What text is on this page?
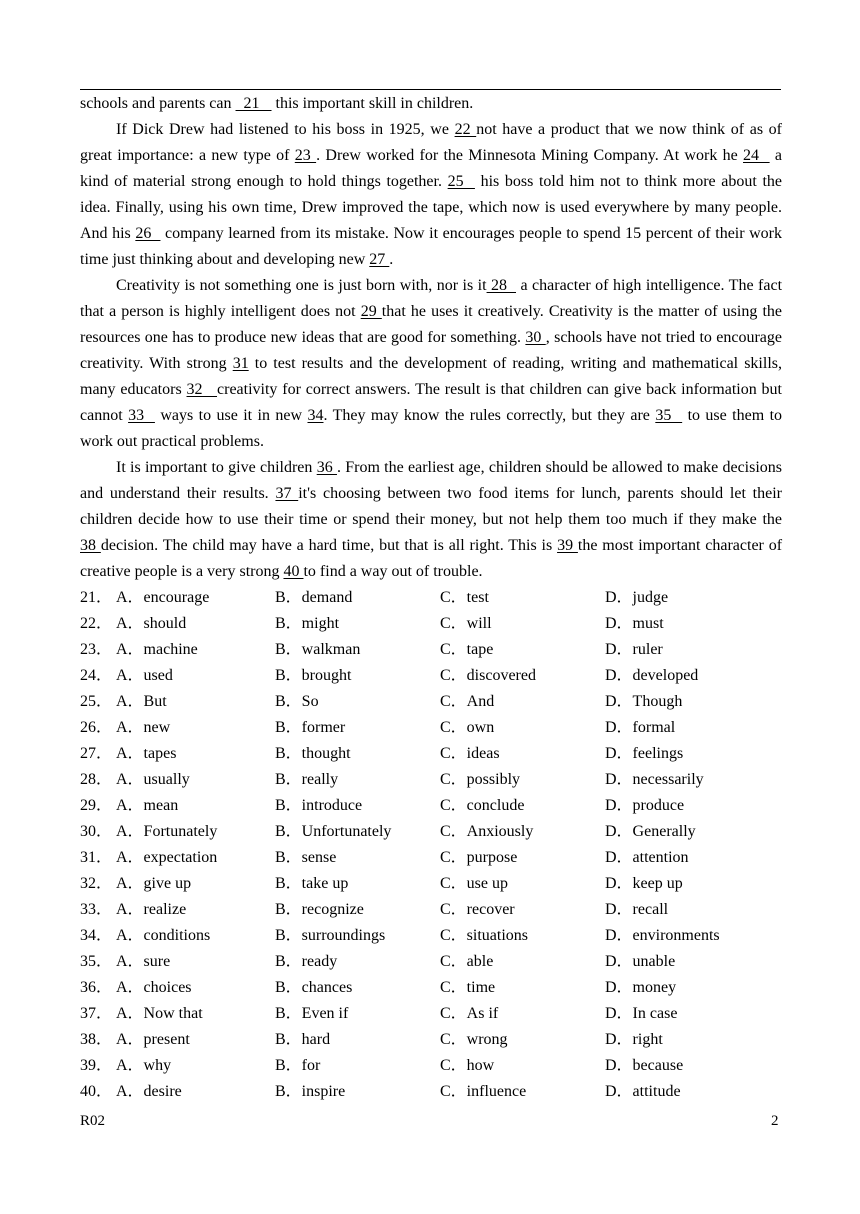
schools and parents can   21    this important skill in children.

If Dick Drew had listened to his boss in 1925, we 22 not have a product that we now think of as of great importance: a new type of 23 . Drew worked for the Minnesota Mining Company. At work he 24   a kind of material strong enough to hold things together. 25   his boss told him not to think more about the idea. Finally, using his own time, Drew improved the tape, which now is used everywhere by many people. And his 26   company learned from its mistake. Now it encourages people to spend 15 percent of their work time just thinking about and developing new 27 .

Creativity is not something one is just born with, nor is it 28   a character of high intelligence. The fact that a person is highly intelligent does not 29 that he uses it creatively. Creativity is the matter of using the resources one has to produce new ideas that are good for something. 30 , schools have not tried to encourage creativity. With strong 31 to test results and the development of reading, writing and mathematical skills, many educators 32   creativity for correct answers. The result is that children can give back information but cannot 33   ways to use it in new 34. They may know the rules correctly, but they are 35   to use them to work out practical problems.

It is important to give children 36 . From the earliest age, children should be allowed to make decisions and understand their results. 37 it's choosing between two food items for lunch, parents should let their children decide how to use their time or spend their money, but not help them too much if they make the 38 decision. The child may have a hard time, but that is all right. This is 39 the most important character of creative people is a very strong 40 to find a way out of trouble.

21． A．encourage	B．demand	C．test	D．judge
22． A．should	B．might	C．will	D．must
23． A．machine	B．walkman	C．tape	D．ruler
24． A．used	B．brought	C．discovered	D．developed
25． A．But	B．So	C．And	D．Though
26． A．new	B．former	C．own	D．formal
27． A．tapes	B．thought	C．ideas	D．feelings
28． A．usually	B．really	C．possibly	D．necessarily
29． A．mean	B．introduce	C．conclude	D．produce
30． A．Fortunately	B．Unfortunately	C．Anxiously	D．Generally
31． A．expectation	B．sense	C．purpose	D．attention
32． A．give up	B．take up	C．use up	D．keep up
33． A．realize	B．recognize	C．recover	D．recall
34． A．conditions	B．surroundings	C．situations	D．environments
35． A．sure	B．ready	C．able	D．unable
36． A．choices	B．chances	C．time	D．money
37． A．Now that	B．Even if	C．As if	D．In case
38． A．present	B．hard	C．wrong	D．right
39． A．why	B．for	C．how	D．because
40． A．desire	B．inspire	C．influence	D．attitude
R02	2
